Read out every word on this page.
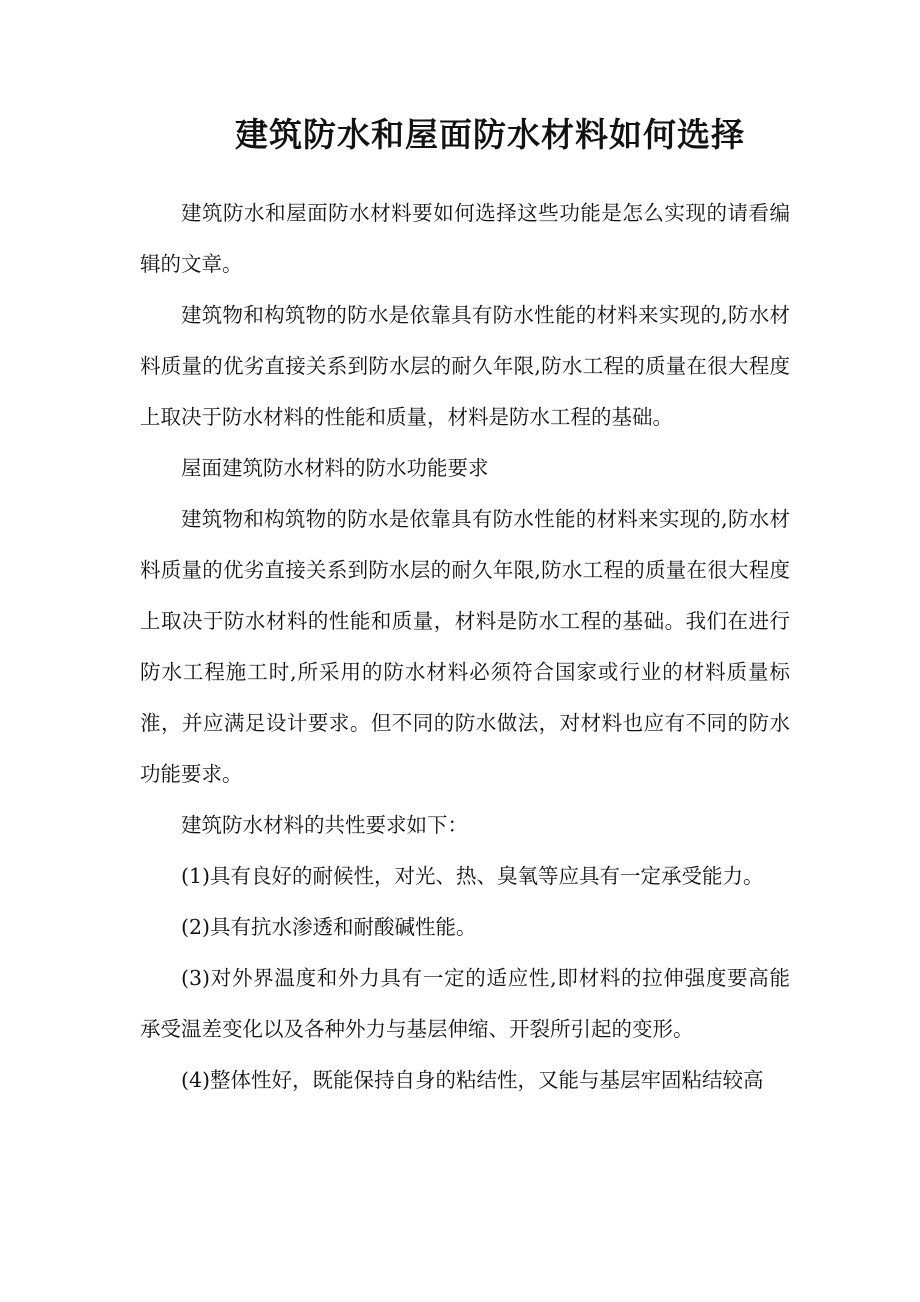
建筑防水和屋面防水材料如何选择

建筑防水和屋面防水材料要如何选择这些功能是怎么实现的请看编辑的文章。

建筑物和构筑物的防水是依靠具有防水性能的材料来实现的,防水材料质量的优劣直接关系到防水层的耐久年限,防水工程的质量在很大程度上取决于防水材料的性能和质量，材料是防水工程的基础。

屋面建筑防水材料的防水功能要求

建筑物和构筑物的防水是依靠具有防水性能的材料来实现的,防水材料质量的优劣直接关系到防水层的耐久年限,防水工程的质量在很大程度上取决于防水材料的性能和质量，材料是防水工程的基础。我们在进行防水工程施工时,所采用的防水材料必须符合国家或行业的材料质量标淮，并应满足设计要求。但不同的防水做法，对材料也应有不同的防水功能要求。

建筑防水材料的共性要求如下：

(1)具有良好的耐候性，对光、热、臭氧等应具有一定承受能力。

(2)具有抗水渗透和耐酸碱性能。

(3)对外界温度和外力具有一定的适应性,即材料的拉伸强度要高能承受温差变化以及各种外力与基层伸缩、开裂所引起的变形。

(4)整体性好，既能保持自身的粘结性，又能与基层牢固粘结较高
